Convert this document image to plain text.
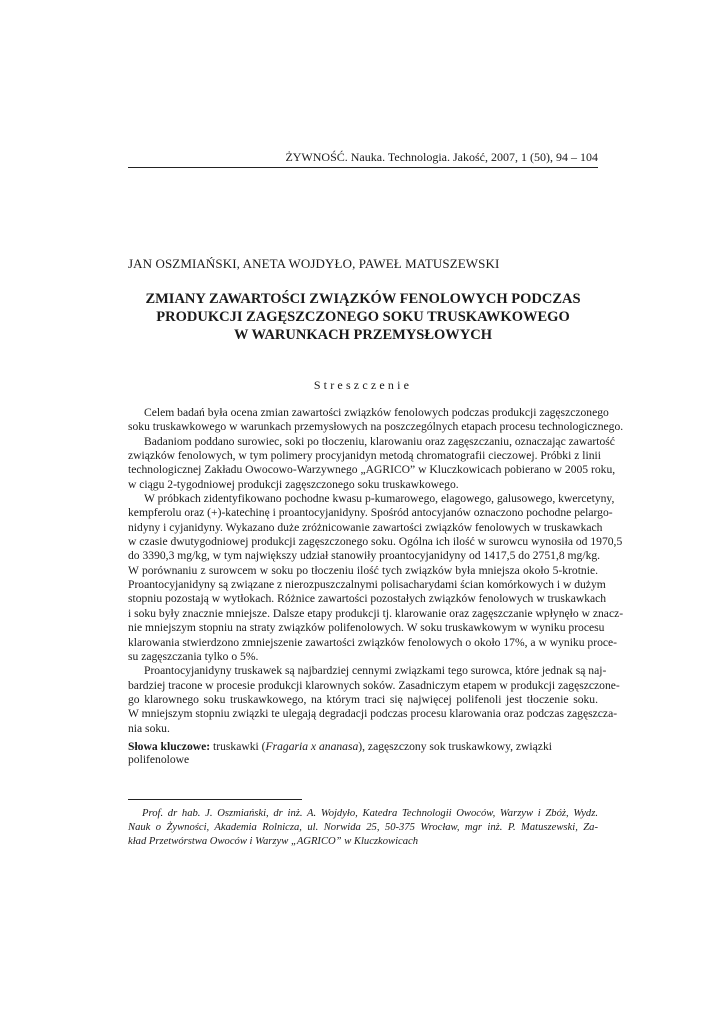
ŻYWNOŚĆ. Nauka. Technologia. Jakość, 2007, 1 (50), 94 – 104
JAN OSZMIAŃSKI, ANETA WOJDYŁO, PAWEŁ MATUSZEWSKI
ZMIANY ZAWARTOŚCI ZWIĄZKÓW FENOLOWYCH PODCZAS
PRODUKCJI ZAGĘSZCZONEGO SOKU TRUSKAWKOWEGO
W WARUNKACH PRZEMYSŁOWYCH
Streszczenie
Celem badań była ocena zmian zawartości związków fenolowych podczas produkcji zagęszczonego
soku truskawkowego w warunkach przemysłowych na poszczególnych etapach procesu technologicznego.
Badaniom poddano surowiec, soki po tłoczeniu, klarowaniu oraz zagęszczaniu, oznaczając zawartość
związków fenolowych, w tym polimery procyjanidyn metodą chromatografii cieczowej. Próbki z linii
technologicznej Zakładu Owocowo-Warzywnego „AGRICO” w Kluczkowicach pobierano w 2005 roku,
w ciągu 2-tygodniowej produkcji zagęszczonego soku truskawkowego.
W próbkach zidentyfikowano pochodne kwasu p-kumarowego, elagowego, galusowego, kwercetyny,
kempferolu oraz (+)-katechinę i proantocyjanidyny. Spośród antocyjanów oznaczono pochodne pelargo-
nidyny i cyjanidyny. Wykazano duże zróżnicowanie zawartości związków fenolowych w truskawkach
w czasie dwutygodniowej produkcji zagęszczonego soku. Ogólna ich ilość w surowcu wynosiła od 1970,5
do 3390,3 mg/kg, w tym największy udział stanowiły proantocyjanidyny od 1417,5 do 2751,8 mg/kg.
W porównaniu z surowcem w soku po tłoczeniu ilość tych związków była mniejsza około 5-krotnie.
Proantocyjanidyny są związane z nierozpuszczalnymi polisacharydami ścian komórkowych i w dużym
stopniu pozostają w wytłokach. Różnice zawartości pozostałych związków fenolowych w truskawkach
i soku były znacznie mniejsze. Dalsze etapy produkcji tj. klarowanie oraz zagęszczanie wpłynęło w znacz-
nie mniejszym stopniu na straty związków polifenolowych. W soku truskawkowym w wyniku procesu
klarowania stwierdzono zmniejszenie zawartości związków fenolowych o około 17%, a w wyniku proce-
su zagęszczania tylko o 5%.
Proantocyjanidyny truskawek są najbardziej cennymi związkami tego surowca, które jednak są naj-
bardziej tracone w procesie produkcji klarownych soków. Zasadniczym etapem w produkcji zagęszczone-
go klarownego soku truskawkowego, na którym traci się najwięcej polifenoli jest tłoczenie soku.
W mniejszym stopniu związki te ulegają degradacji podczas procesu klarowania oraz podczas zagęszcza-
nia soku.
Słowa kluczowe: truskawki (Fragaria x ananasa), zagęszczony sok truskawkowy, związki polifenolowe
Prof. dr hab. J. Oszmiański, dr inż. A. Wojdyło, Katedra Technologii Owoców, Warzyw i Zbóż, Wydz.
Nauk o Żywności, Akademia Rolnicza, ul. Norwida 25, 50-375 Wrocław, mgr inż. P. Matuszewski, Za-
kład Przetwórstwa Owoców i Warzyw „AGRICO” w Kluczkowicach
